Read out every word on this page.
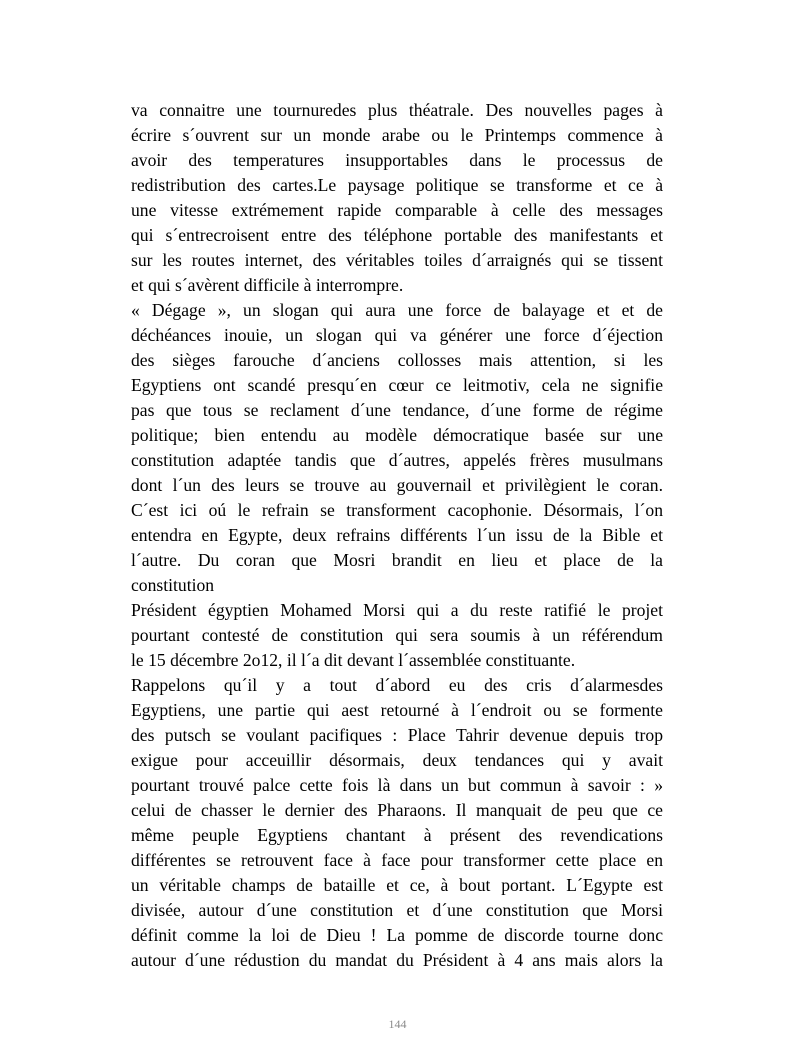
va connaitre une tournuredes plus théatrale. Des nouvelles pages à
écrire s´ouvrent sur un monde arabe ou le Printemps commence à
avoir des temperatures insupportables dans le processus de
redistribution des cartes.Le paysage politique se transforme et ce à
une vitesse extrémement rapide comparable à celle des messages
qui s´entrecroisent entre des téléphone portable des manifestants et
sur les routes internet, des véritables toiles d´arraignés qui se tissent
et qui s´avèrent difficile à interrompre.
« Dégage », un slogan qui aura une force de balayage et et de
déchéances inouie, un slogan qui va générer une force d´éjection
des sièges farouche d´anciens collosses mais attention, si les
Egyptiens ont scandé presqu´en cœur ce leitmotiv, cela ne signifie
pas que tous se reclament d´une tendance, d´une forme de régime
politique; bien entendu au modèle démocratique basée sur une
constitution adaptée tandis que d´autres, appelés frères musulmans
dont l´un des leurs se trouve au gouvernail et privilègient le coran.
C´est ici oú le refrain se transforment cacophonie. Désormais, l´on
entendra en Egypte, deux refrains différents l´un issu de la Bible et
l´autre. Du coran que Mosri brandit en lieu et place de la
constitution
Président égyptien Mohamed Morsi qui a du reste ratifié le projet
pourtant contesté de constitution qui sera soumis à un référendum
le 15 décembre 2o12, il l´a dit devant l´assemblée constituante.
Rappelons qu´il y a tout d´abord eu des cris d´alarmesdes
Egyptiens, une partie qui aest retourné à l´endroit ou se formente
des putsch se voulant pacifiques : Place Tahrir devenue depuis trop
exigue pour acceuillir désormais, deux tendances qui y avait
pourtant trouvé palce cette fois là dans un but commun à savoir : »
celui de chasser le dernier des Pharaons. Il manquait de peu que ce
même peuple Egyptiens chantant à présent des revendications
différentes se retrouvent face à face pour transformer cette place en
un véritable champs de bataille et ce, à bout portant. L´Egypte est
divisée, autour d´une constitution et d´une constitution que Morsi
définit comme la loi de Dieu ! La pomme de discorde tourne donc
autour d´une rédustion du mandat du Président à 4 ans mais alors la
144
